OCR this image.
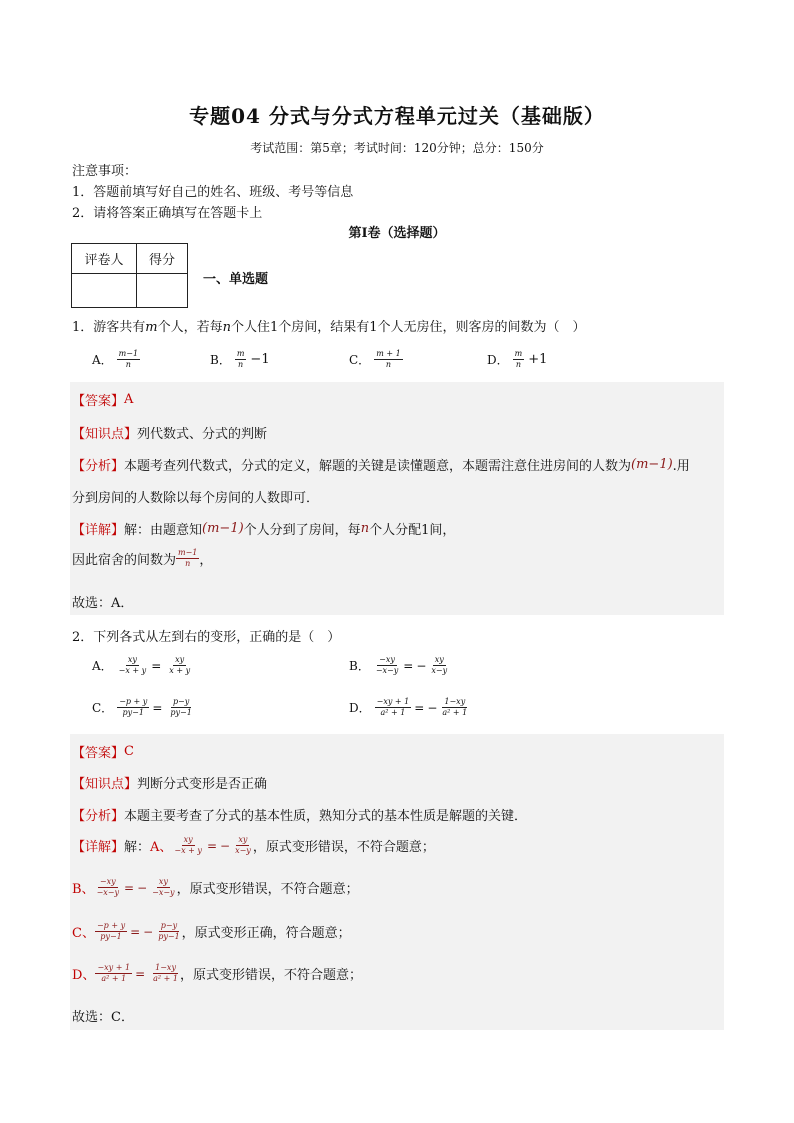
专题04 分式与分式方程单元过关（基础版）
考试范围：第5章；考试时间：120分钟；总分：150分
注意事项：
1．答题前填写好自己的姓名、班级、考号等信息
2．请将答案正确填写在答题卡上
第Ⅰ卷（选择题）
评卷人	得分

一、单选题
1．游客共有m个人，若每n个人住1个房间，结果有1个人无房住，则客房的间数为（　）
A． $\frac{m-1}{n}$	B． $\frac{m}{n} -1$	C． $\frac{m + 1}{n}$	D． $\frac{m}{n} +1$
【答案】 A
【知识点】 列代数式、分式的判断
【分析】 本题考查列代数式，分式的定义，解题的关键是读懂题意，本题需注意住进房间的人数为 (m−1) .用
分到房间的人数除以每个房间的人数即可．
【详解】 解：由题意知 (m−1) 个人分到了房间，每 n 个人分配1间，
因此宿舍的间数为 $\frac{m-1}{n}$ ，
故选：A．
2．下列各式从左到右的变形，正确的是（　）
A． $\frac{xy}{-x + y} = \frac{xy}{x + y}$	B． $\frac{-xy}{-x-y}$ = − $\frac{xy}{x-y}$
C． $\frac{-p + y}{py-1} = \frac{p-y}{py-1}$	D． $\frac{-xy + 1}{\text{a² + 1}}$ = − $\frac{1-xy}{\text{a² + 1}}$
【答案】 C
【知识点】 判断分式变形是否正确
【分析】 本题主要考查了分式的基本性质，熟知分式的基本性质是解题的关键．
【详解】 解： A、 $\frac{xy}{-x + y}$ = − $\frac{xy}{x-y}$ ，原式变形错误，不符合题意；
B、 $\frac{-xy}{-x-y}$ = − $\frac{xy}{-x-y}$ ，原式变形错误，不符合题意；
C、 $\frac{-p + y}{py-1}$ = − $\frac{p-y}{py-1}$ ，原式变形正确，符合题意；
D、 $\frac{-xy + 1}{\text{a² + 1}} = \frac{1-xy}{\text{a² + 1}}$ ，原式变形错误，不符合题意；
故选：C．
